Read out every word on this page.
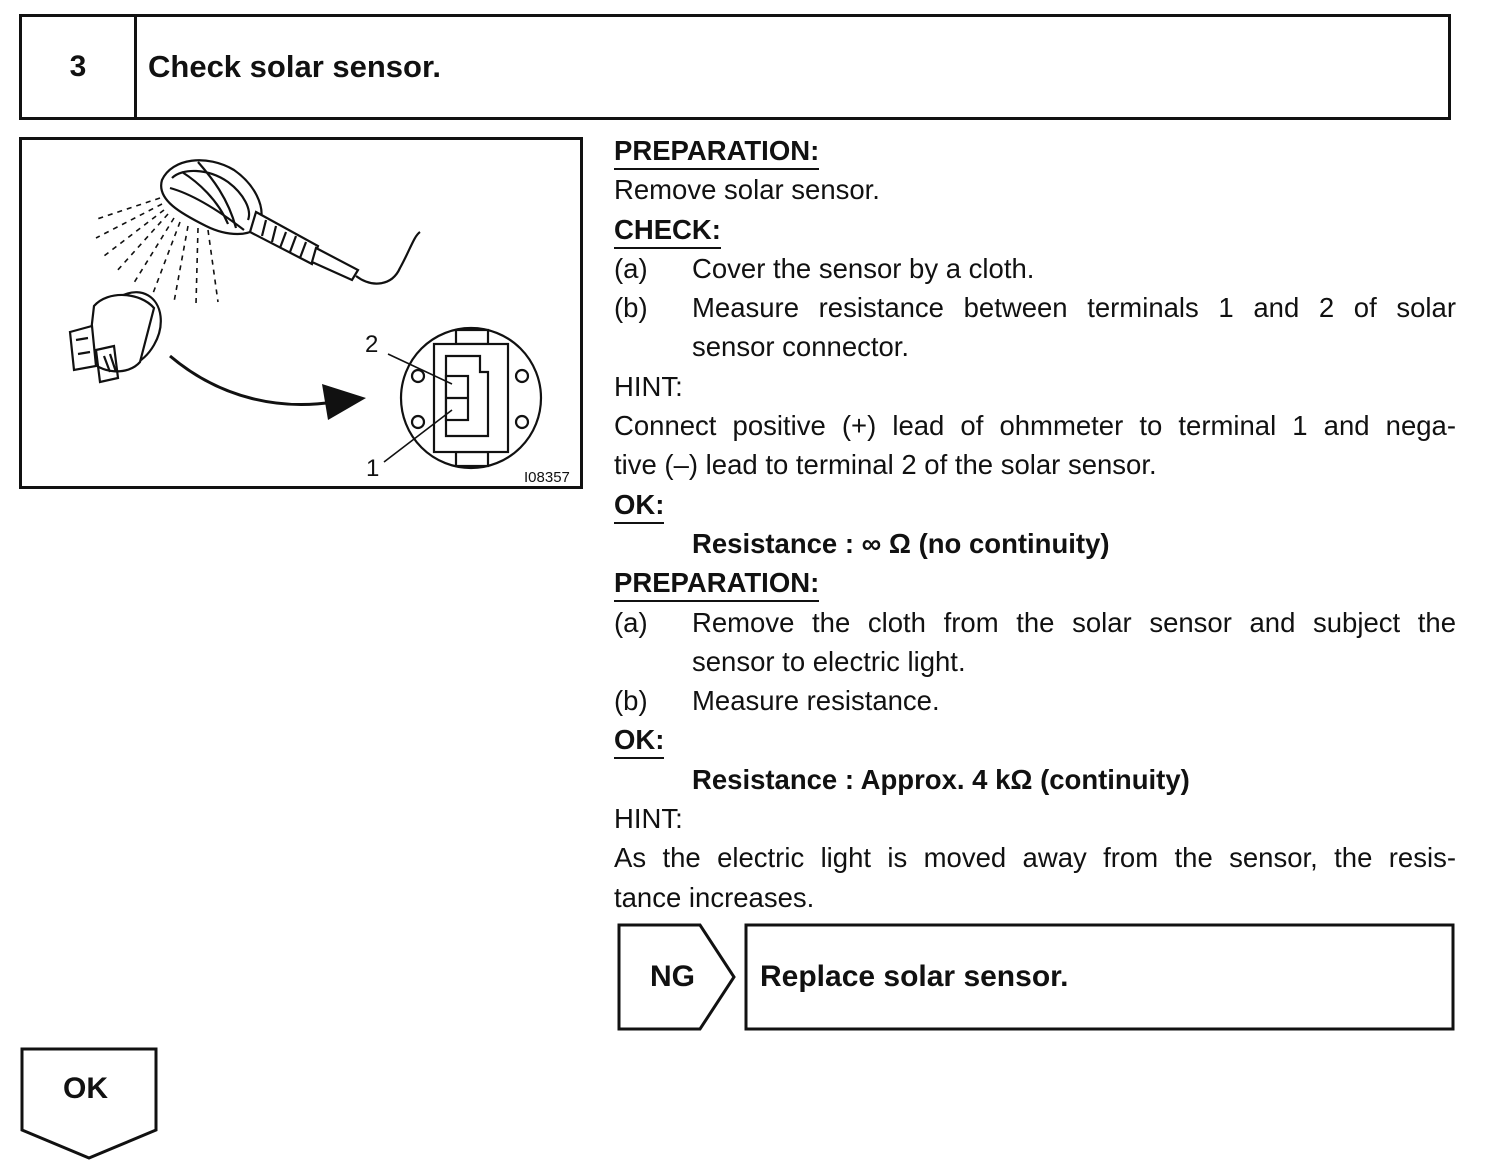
3	Check solar sensor.
2
1	I08357
PREPARATION:
Remove solar sensor.
CHECK:
(a) Cover the sensor by a cloth.
(b) Measure resistance between terminals 1 and 2 of solar
sensor connector.
HINT:
Connect positive (+) lead of ohmmeter to terminal 1 and nega-
tive (–) lead to terminal 2 of the solar sensor.
OK:
Resistance : ∞ Ω (no continuity)
PREPARATION:
(a) Remove the cloth from the solar sensor and subject the
sensor to electric light.
(b) Measure resistance.
OK:
Resistance : Approx. 4 kΩ (continuity)
HINT:
As the electric light is moved away from the sensor, the resis-
tance increases.
NG Replace solar sensor.
OK
